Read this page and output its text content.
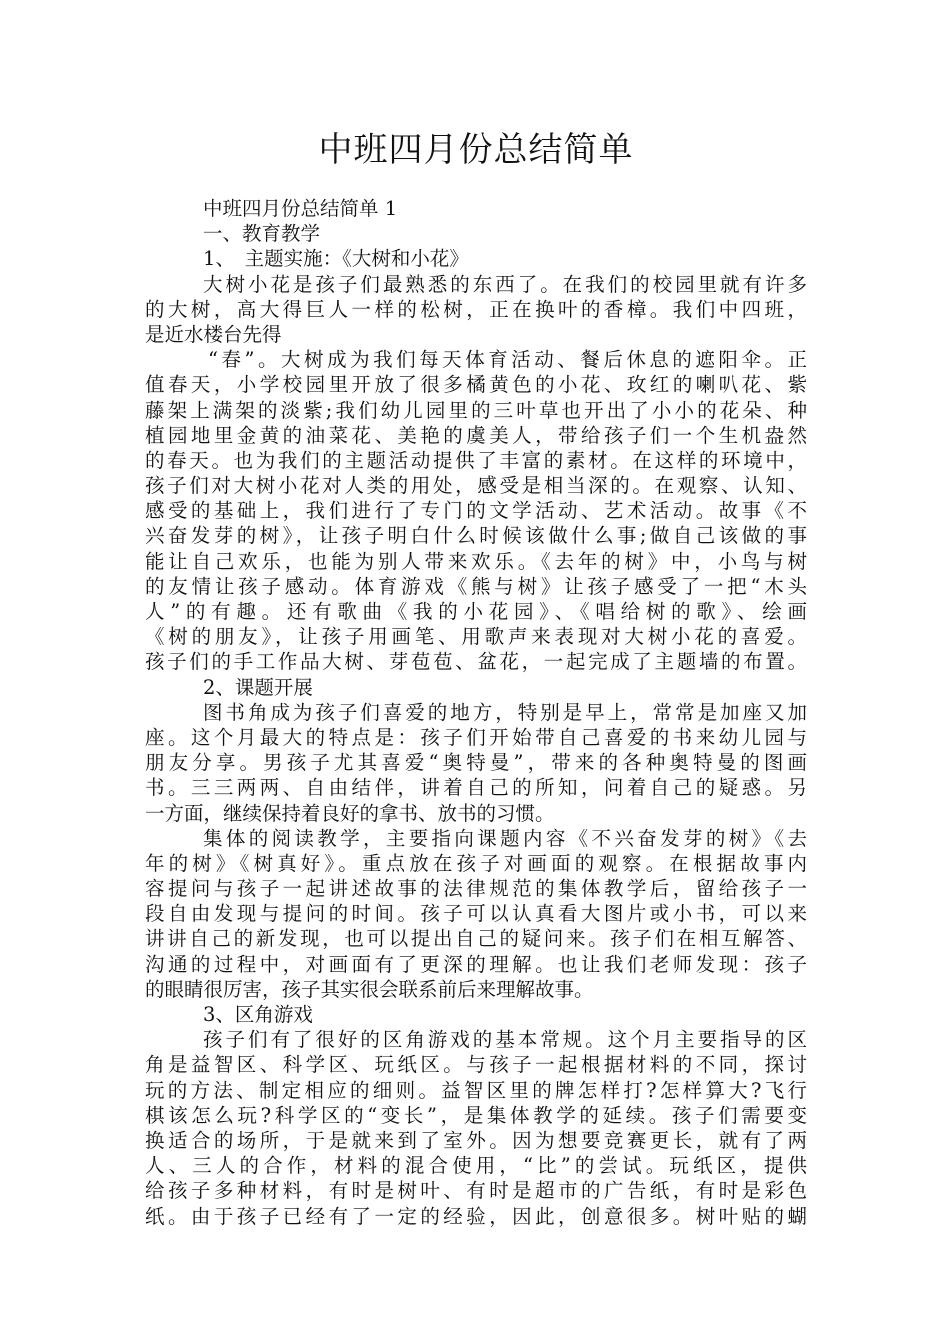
中班四月份总结简单
中班四月份总结简单 1
一、教育教学
1、　主题实施：《大树和小花》
大树小花是孩子们最熟悉的东西了。在我们的校园里就有许多
的大树，高大得巨人一样的松树，正在换叶的香樟。我们中四班，
是近水楼台先得
“春”。大树成为我们每天体育活动、餐后休息的遮阳伞。正
值春天，小学校园里开放了很多橘黄色的小花、玫红的喇叭花、紫
藤架上满架的淡紫;我们幼儿园里的三叶草也开出了小小的花朵、种
植园地里金黄的油菜花、美艳的虞美人，带给孩子们一个生机盎然
的春天。也为我们的主题活动提供了丰富的素材。在这样的环境中，
孩子们对大树小花对人类的用处，感受是相当深的。在观察、认知、
感受的基础上，我们进行了专门的文学活动、艺术活动。故事《不
兴奋发芽的树》，让孩子明白什么时候该做什么事;做自己该做的事
能让自己欢乐，也能为别人带来欢乐。《去年的树》中，小鸟与树
的友情让孩子感动。体育游戏《熊与树》让孩子感受了一把“木头
人”的有趣。还有歌曲《我的小花园》、《唱给树的歌》、绘画
《树的朋友》，让孩子用画笔、用歌声来表现对大树小花的喜爱。
孩子们的手工作品大树、芽苞苞、盆花，一起完成了主题墙的布置。
2、课题开展
图书角成为孩子们喜爱的地方，特别是早上，常常是加座又加
座。这个月最大的特点是：孩子们开始带自己喜爱的书来幼儿园与
朋友分享。男孩子尤其喜爱“奥特曼”，带来的各种奥特曼的图画
书。三三两两、自由结伴，讲着自己的所知，问着自己的疑惑。另
一方面，继续保持着良好的拿书、放书的习惯。
集体的阅读教学，主要指向课题内容《不兴奋发芽的树》《去
年的树》《树真好》。重点放在孩子对画面的观察。在根据故事内
容提问与孩子一起讲述故事的法律规范的集体教学后，留给孩子一
段自由发现与提问的时间。孩子可以认真看大图片或小书，可以来
讲讲自己的新发现，也可以提出自己的疑问来。孩子们在相互解答、
沟通的过程中，对画面有了更深的理解。也让我们老师发现：孩子
的眼睛很厉害，孩子其实很会联系前后来理解故事。
3、区角游戏
孩子们有了很好的区角游戏的基本常规。这个月主要指导的区
角是益智区、科学区、玩纸区。与孩子一起根据材料的不同，探讨
玩的方法、制定相应的细则。益智区里的牌怎样打?怎样算大?飞行
棋该怎么玩?科学区的“变长”，是集体教学的延续。孩子们需要变
换适合的场所，于是就来到了室外。因为想要竞赛更长，就有了两
人、三人的合作，材料的混合使用，“比”的尝试。玩纸区，提供
给孩子多种材料，有时是树叶、有时是超市的广告纸，有时是彩色
纸。由于孩子已经有了一定的经验，因此，创意很多。树叶贴的蝴
